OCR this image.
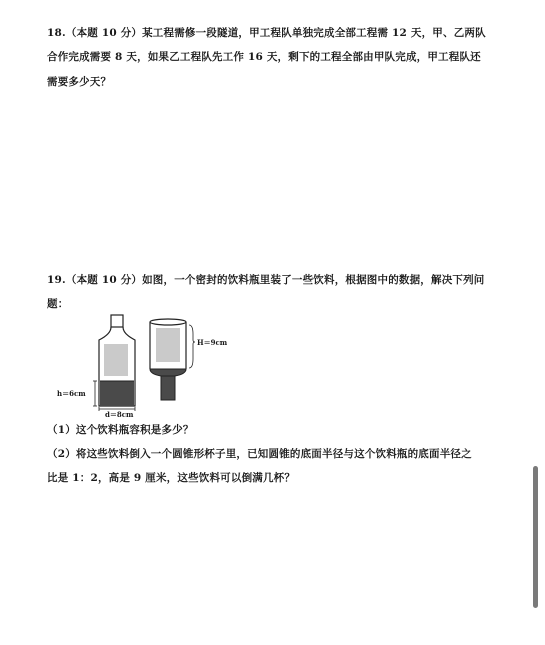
18.（本题 10 分）某工程需修一段隧道，甲工程队单独完成全部工程需 12 天，甲、乙两队
合作完成需要 8 天，如果乙工程队先工作 16 天，剩下的工程全部由甲队完成，甲工程队还
需要多少天？
19.（本题 10 分）如图，一个密封的饮料瓶里装了一些饮料，根据图中的数据，解决下列问
题：
h＝6cm
d＝8cm
H＝9cm
（1）这个饮料瓶容积是多少？
（2）将这些饮料倒入一个圆锥形杯子里，已知圆锥的底面半径与这个饮料瓶的底面半径之
比是 1：2，高是 9 厘米，这些饮料可以倒满几杯？
